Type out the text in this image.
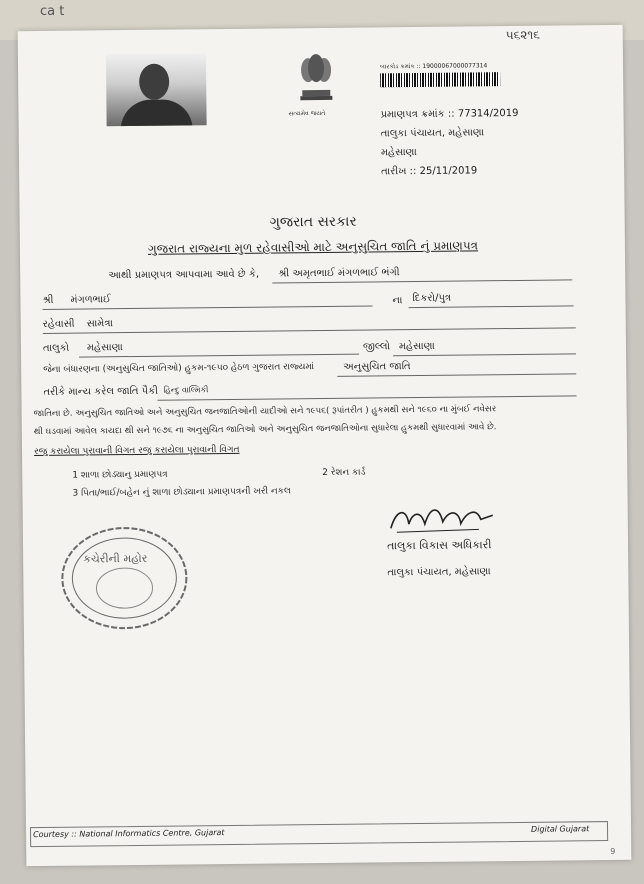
ca t
૫૬૨૧૬
સત્યમેવ જયતે
બારકોડ ક્રમાંક :: 19000067000077314
પ્રમાણપત્ર ક્રમાંક :: 77314/2019
તાલુકા પંચાયત, મહેસાણા
મહેસાણા
તારીખ :: 25/11/2019
ગુજરાત સરકાર
ગુજરાત રાજ્યના મુળ રહેવાસીઓ માટે અનુસુચિત જાતિ નું પ્રમાણપત્ર
આથી પ્રમાણપત્ર આપવામા આવે છે કે, શ્રી અમૃતભાઈ મંગળભાઈ ભંગી
શ્રી મંગળભાઈ	ના દિકરો/પુત્ર
રહેવાસી સામેત્રા
તાલુકો મહેસાણા	જીલ્લો મહેસાણા
જેના બંધારણના (અનુસુચિત જાતિઓ) હુકમ-૧૯૫૦ હેઠળ ગુજરાત રાજ્યમાં	અનુસુચિત જાતિ
તરીકે માન્ય કરેલ જાતિ પૈકી હિન્દુ વાલ્મિકી
જાતિના છે. અનુસુચિત જાતિઓ અને અનુસુચિત જનજાતિઓની યાદીઓ સને ૧૯૫૬( રૂપાંતરીત ) હુકમથી સને ૧૯૬૦ ના મુંબઈ નવેસર
થી ઘડવામાં આવેલ કાયદા થી સને ૧૯૭૬ ના અનુસુચિત જાતિઓ અને અનુસુચિત જનજાતિઓના સુધારેલા હુકમથી સુધારવામાં આવે છે.
રજુ કરાયેલા પુરાવાની વિગત રજુ કરાયેલા પુરાવાની વિગત
1 શાળા છોડ્યાનુ પ્રમાણપત્ર	2 રેશન કાર્ડ
3 પિતા/ભાઈ/બહેન નું શાળા છોડ્યાના પ્રમાણપત્રની ખરી નકલ
તાલુકા વિકાસ અધિકારી
તાલુકા પંચાયત, મહેસાણા
કચેરીની મહોર
Courtesy :: National Informatics Centre, Gujarat	Digital Gujarat
9
